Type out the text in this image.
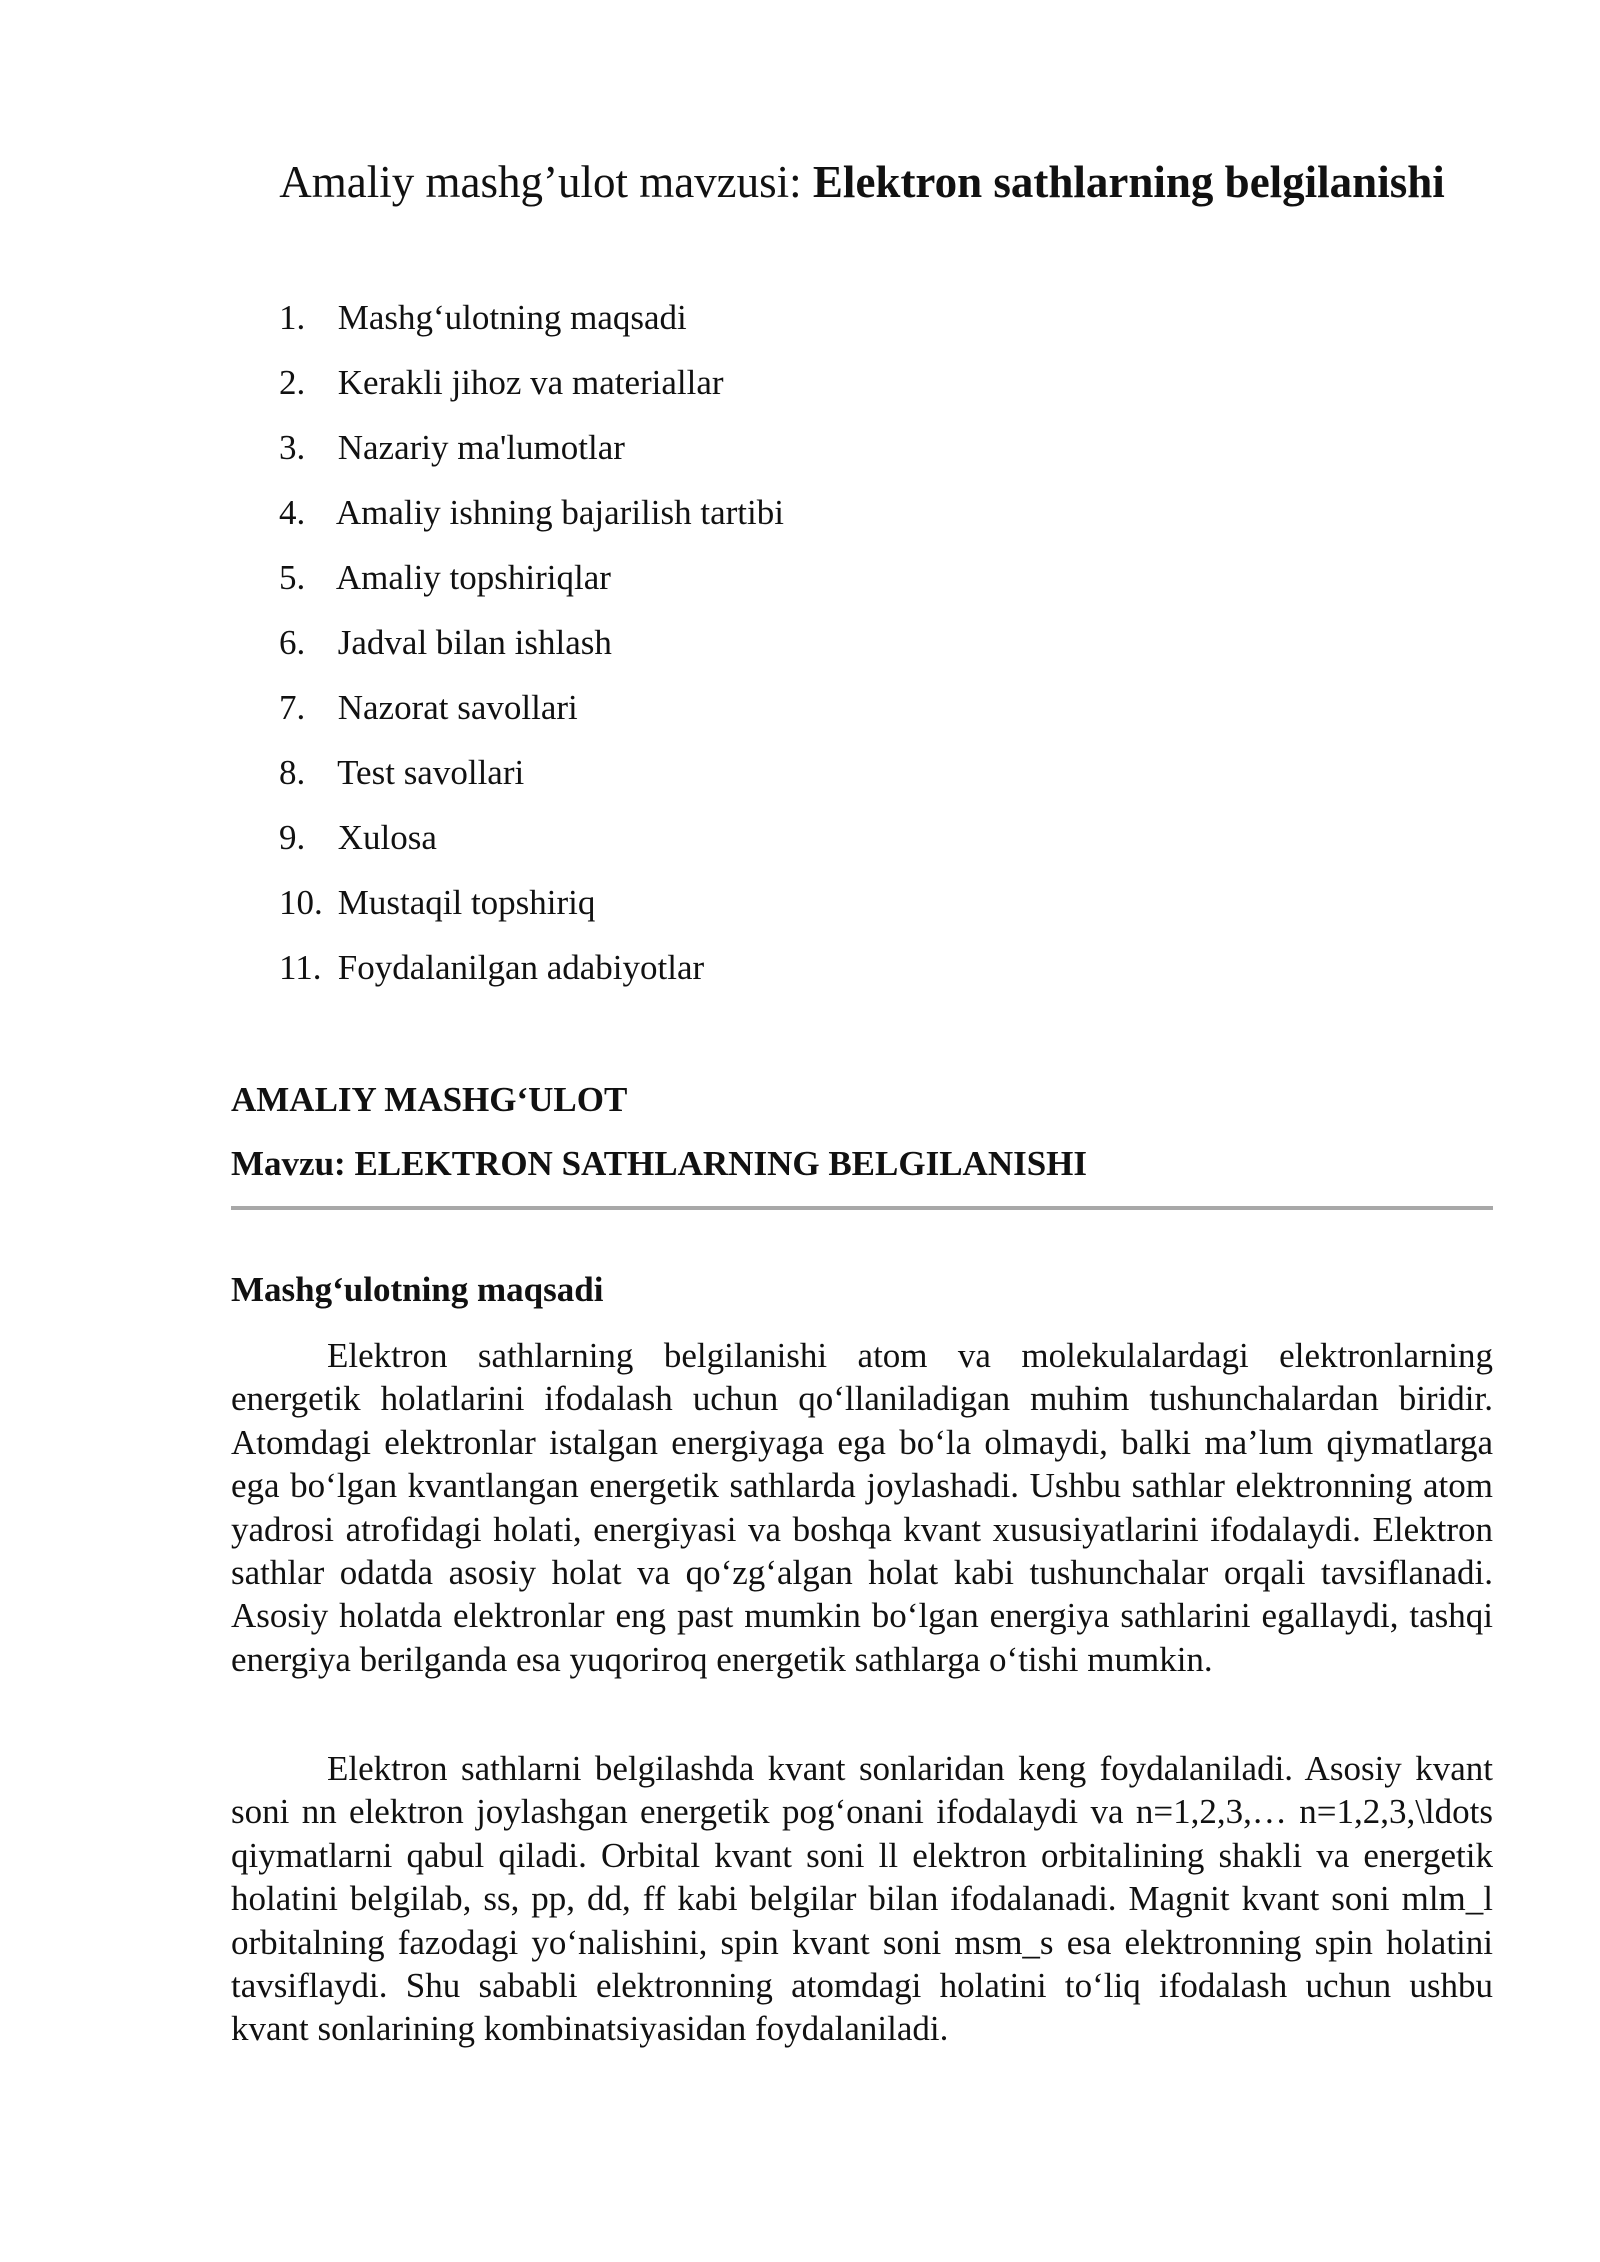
Amaliy mashg’ulot mavzusi: Elektron sathlarning belgilanishi
1. Mashg‘ulotning maqsadi
2. Kerakli jihoz va materiallar
3. Nazariy ma'lumotlar
4. Amaliy ishning bajarilish tartibi
5. Amaliy topshiriqlar
6. Jadval bilan ishlash
7. Nazorat savollari
8. Test savollari
9. Xulosa
10. Mustaqil topshiriq
11. Foydalanilgan adabiyotlar

AMALIY MASHG‘ULOT

Mavzu: ELEKTRON SATHLARNING BELGILANISHI

Mashg‘ulotning maqsadi

Elektron sathlarning belgilanishi atom va molekulalardagi elektronlarning energetik holatlarini ifodalash uchun qo‘llaniladigan muhim tushunchalardan biridir. Atomdagi elektronlar istalgan energiyaga ega bo‘la olmaydi, balki ma’lum qiymatlarga ega bo‘lgan kvantlangan energetik sathlarda joylashadi. Ushbu sathlar elektronning atom yadrosi atrofidagi holati, energiyasi va boshqa kvant xususiyatlarini ifodalaydi. Elektron sathlar odatda asosiy holat va qo‘zg‘algan holat kabi tushunchalar orqali tavsiflanadi. Asosiy holatda elektronlar eng past mumkin bo‘lgan energiya sathlarini egallaydi, tashqi energiya berilganda esa yuqoriroq energetik sathlarga o‘tishi mumkin.

Elektron sathlarni belgilashda kvant sonlaridan keng foydalaniladi. Asosiy kvant soni nn elektron joylashgan energetik pog‘onani ifodalaydi va n=1,2,3,… n=1,2,3,\ldots qiymatlarni qabul qiladi. Orbital kvant soni ll elektron orbitalining shakli va energetik holatini belgilab, ss, pp, dd, ff kabi belgilar bilan ifodalanadi. Magnit kvant soni mlm_l orbitalning fazodagi yo‘nalishini, spin kvant soni msm_s esa elektronning spin holatini tavsiflaydi. Shu sababli elektronning atomdagi holatini to‘liq ifodalash uchun ushbu kvant sonlarining kombinatsiyasidan foydalaniladi.
